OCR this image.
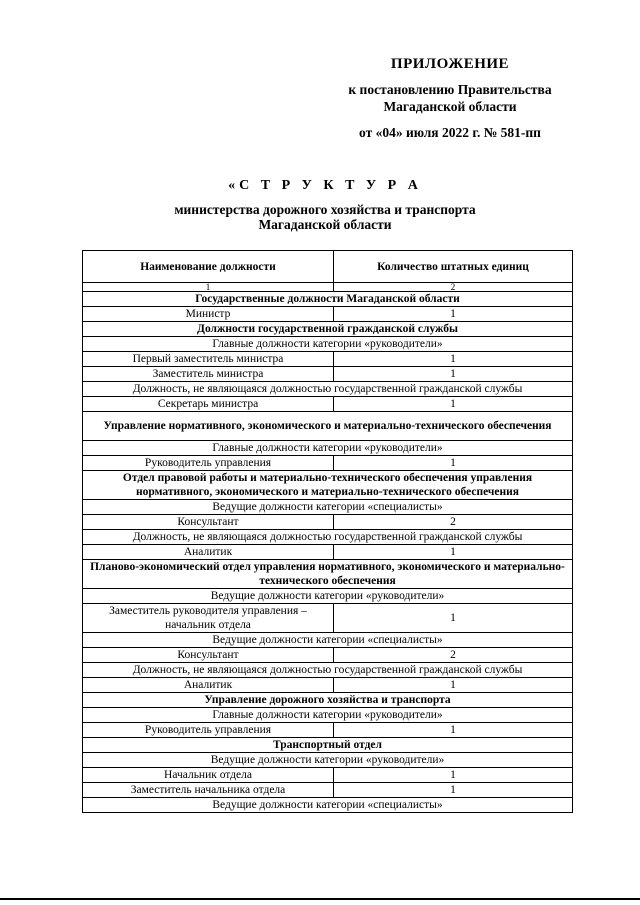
ПРИЛОЖЕНИЕ
к постановлению Правительства
Магаданской области
от «04» июля 2022 г. № 581-пп
«С Т Р У К Т У Р А
министерства дорожного хозяйства и транспорта
Магаданской области
Наименование должности	Количество штатных единиц
1	2
Государственные должности Магаданской области	
Министр	1
Должности государственной гражданской службы	
Главные должности категории «руководители»	
Первый заместитель министра	1
Заместитель министра	1
Должность, не являющаяся должностью государственной гражданской службы	
Секретарь министра	1
Управление нормативного, экономического и материально-технического обеспечения	
Главные должности категории «руководители»	
Руководитель управления	1
Отдел правовой работы и материально-технического обеспечения управления нормативного, экономического и материально-технического обеспечения	
Ведущие должности категории «специалисты»	
Консультант	2
Должность, не являющаяся должностью государственной гражданской службы	
Аналитик	1
Планово-экономический отдел управления нормативного, экономического и материально-технического обеспечения	
Ведущие должности категории «руководители»	
Заместитель руководителя управления – начальник отдела	1
Ведущие должности категории «специалисты»	
Консультант	2
Должность, не являющаяся должностью государственной гражданской службы	
Аналитик	1
Управление дорожного хозяйства и транспорта	
Главные должности категории «руководители»	
Руководитель управления	1
Транспортный отдел	
Ведущие должности категории «руководители»	
Начальник отдела	1
Заместитель начальника отдела	1
Ведущие должности категории «специалисты»	
